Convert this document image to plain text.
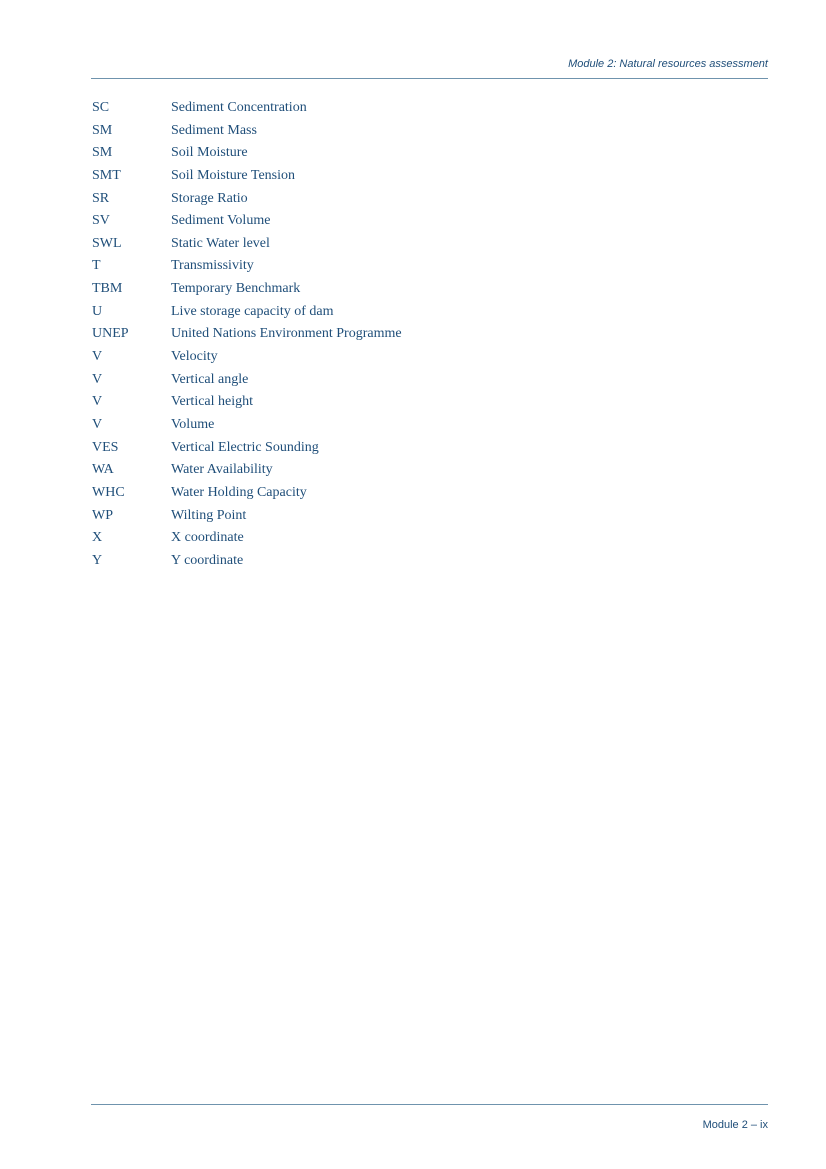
Module 2: Natural resources assessment
SC	Sediment Concentration
SM	Sediment Mass
SM	Soil Moisture
SMT	Soil Moisture Tension
SR	Storage Ratio
SV	Sediment Volume
SWL	Static Water level
T	Transmissivity
TBM	Temporary Benchmark
U	Live storage capacity of dam
UNEP	United Nations Environment Programme
V	Velocity
V	Vertical angle
V	Vertical height
V	Volume
VES	Vertical Electric Sounding
WA	Water Availability
WHC	Water Holding Capacity
WP	Wilting Point
X	X coordinate
Y	Y coordinate
Module 2 – ix
